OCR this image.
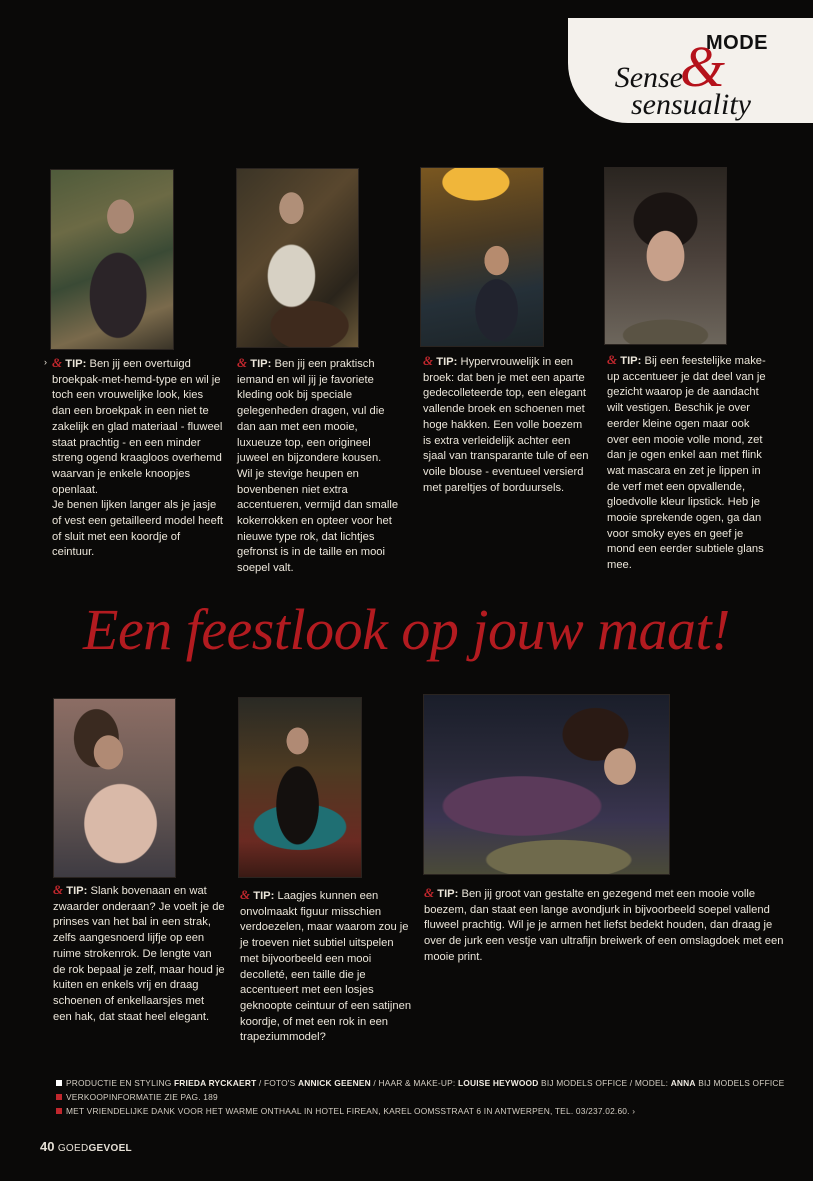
MODE
&
Sense
sensuality
› & TIP: Ben jij een overtuigd broekpak-met-hemd-type en wil je toch een vrouwelijke look, kies dan een broekpak in een niet te zakelijk en glad materiaal - fluweel staat prachtig - en een minder streng ogend kraagloos overhemd waarvan je enkele knoopjes openlaat.

Je benen lijken langer als je jasje of vest een getailleerd model heeft of sluit met een koordje of ceintuur.

& TIP: Ben jij een praktisch iemand en wil jij je favoriete kleding ook bij speciale gelegenheden dragen, vul die dan aan met een mooie, luxueuze top, een origineel juweel en bijzondere kousen.

Wil je stevige heupen en bovenbenen niet extra accentueren, vermijd dan smalle kokerrokken en opteer voor het nieuwe type rok, dat lichtjes gefronst is in de taille en mooi soepel valt.

& TIP: Hypervrouwelijk in een broek: dat ben je met een aparte gedecolleteerde top, een elegant vallende broek en schoenen met hoge hakken. Een volle boezem is extra verleidelijk achter een sjaal van transparante tule of een voile blouse - eventueel versierd met pareltjes of borduursels.

& TIP: Bij een feestelijke make-up accentueer je dat deel van je gezicht waarop je de aandacht wilt vestigen. Beschik je over eerder kleine ogen maar ook over een mooie volle mond, zet dan je ogen enkel aan met flink wat mascara en zet je lippen in de verf met een opvallende, gloedvolle kleur lipstick. Heb je mooie sprekende ogen, ga dan voor smoky eyes en geef je mond een eerder subtiele glans mee.

Een feestlook op jouw maat!

& TIP: Slank bovenaan en wat zwaarder onderaan? Je voelt je de prinses van het bal in een strak, zelfs aangesnoerd lijfje op een ruime strokenrok. De lengte van de rok bepaal je zelf, maar houd je kuiten en enkels vrij en draag schoenen of enkellaarsjes met een hak, dat staat heel elegant.

& TIP: Laagjes kunnen een onvolmaakt figuur misschien verdoezelen, maar waarom zou je je troeven niet subtiel uitspelen met bijvoorbeeld een mooi decolleté, een taille die je accentueert met een losjes geknoopte ceintuur of een satijnen koordje, of met een rok in een trapeziummodel?

& TIP: Ben jij groot van gestalte en gezegend met een mooie volle boezem, dan staat een lange avondjurk in bijvoorbeeld soepel vallend fluweel prachtig. Wil je je armen het liefst bedekt houden, dan draag je over de jurk een vestje van ultrafijn breiwerk of een omslagdoek met een mooie print.

PRODUCTIE EN STYLING FRIEDA RYCKAERT / FOTO'S ANNICK GEENEN / HAAR & MAKE-UP: LOUISE HEYWOOD BIJ MODELS OFFICE / MODEL: ANNA BIJ MODELS OFFICE
VERKOOPINFORMATIE ZIE PAG. 189
MET VRIENDELIJKE DANK VOOR HET WARME ONTHAAL IN HOTEL FIREAN, KAREL OOMSSTRAAT 6 IN ANTWERPEN, TEL. 03/237.02.60. ›
40 GOEDGEVOEL
